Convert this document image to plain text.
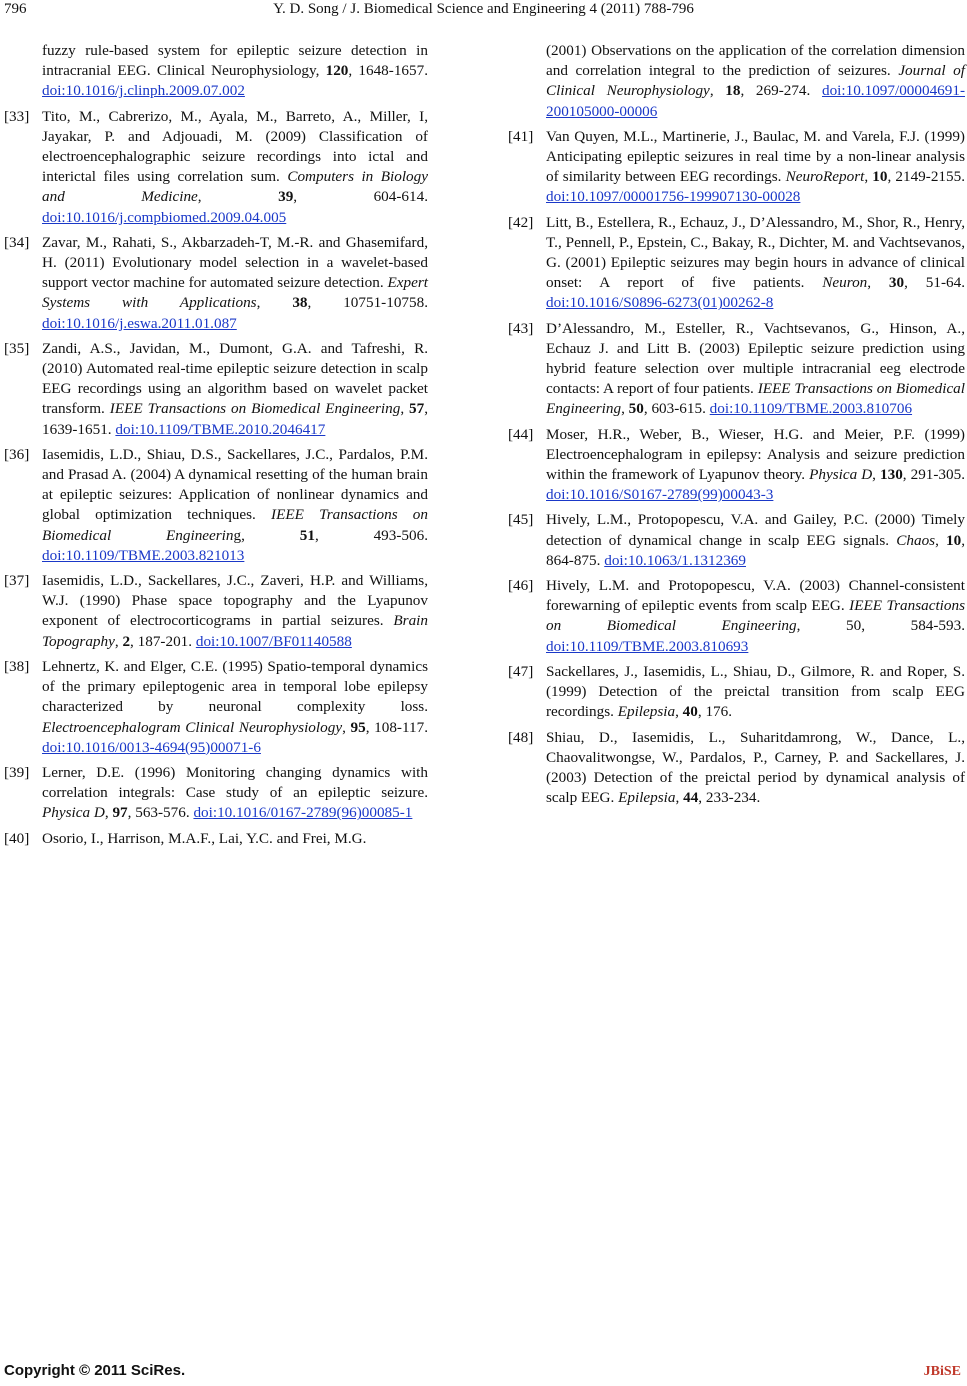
796	Y. D. Song / J. Biomedical Science and Engineering 4 (2011) 788-796
fuzzy rule-based system for epileptic seizure detection in intracranial EEG. Clinical Neurophysiology, 120, 1648-1657. doi:10.1016/j.clinph.2009.07.002
[33] Tito, M., Cabrerizo, M., Ayala, M., Barreto, A., Miller, I, Jayakar, P. and Adjouadi, M. (2009) Classification of electroencephalographic seizure recordings into ictal and interictal files using correlation sum. Computers in Biology and Medicine, 39, 604-614. doi:10.1016/j.compbiomed.2009.04.005
[34] Zavar, M., Rahati, S., Akbarzadeh-T, M.-R. and Ghasemifard, H. (2011) Evolutionary model selection in a wavelet-based support vector machine for automated seizure detection. Expert Systems with Applications, 38, 10751-10758. doi:10.1016/j.eswa.2011.01.087
[35] Zandi, A.S., Javidan, M., Dumont, G.A. and Tafreshi, R. (2010) Automated real-time epileptic seizure detection in scalp EEG recordings using an algorithm based on wavelet packet transform. IEEE Transactions on Biomedical Engineering, 57, 1639-1651. doi:10.1109/TBME.2010.2046417
[36] Iasemidis, L.D., Shiau, D.S., Sackellares, J.C., Pardalos, P.M. and Prasad A. (2004) A dynamical resetting of the human brain at epileptic seizures: Application of nonlinear dynamics and global optimization techniques. IEEE Transactions on Biomedical Engineering, 51, 493-506. doi:10.1109/TBME.2003.821013
[37] Iasemidis, L.D., Sackellares, J.C., Zaveri, H.P. and Williams, W.J. (1990) Phase space topography and the Lyapunov exponent of electrocorticograms in partial seizures. Brain Topography, 2, 187-201. doi:10.1007/BF01140588
[38] Lehnertz, K. and Elger, C.E. (1995) Spatio-temporal dynamics of the primary epileptogenic area in temporal lobe epilepsy characterized by neuronal complexity loss. Electroencephalogram Clinical Neurophysiology, 95, 108-117. doi:10.1016/0013-4694(95)00071-6
[39] Lerner, D.E. (1996) Monitoring changing dynamics with correlation integrals: Case study of an epileptic seizure. Physica D, 97, 563-576. doi:10.1016/0167-2789(96)00085-1
[40] Osorio, I., Harrison, M.A.F., Lai, Y.C. and Frei, M.G.
(2001) Observations on the application of the correlation dimension and correlation integral to the prediction of seizures. Journal of Clinical Neurophysiology, 18, 269-274. doi:10.1097/00004691-200105000-00006
[41] Van Quyen, M.L., Martinerie, J., Baulac, M. and Varela, F.J. (1999) Anticipating epileptic seizures in real time by a non-linear analysis of similarity between EEG recordings. NeuroReport, 10, 2149-2155. doi:10.1097/00001756-199907130-00028
[42] Litt, B., Estellera, R., Echauz, J., D’Alessandro, M., Shor, R., Henry, T., Pennell, P., Epstein, C., Bakay, R., Dichter, M. and Vachtsevanos, G. (2001) Epileptic seizures may begin hours in advance of clinical onset: A report of five patients. Neuron, 30, 51-64. doi:10.1016/S0896-6273(01)00262-8
[43] D’Alessandro, M., Esteller, R., Vachtsevanos, G., Hinson, A., Echauz J. and Litt B. (2003) Epileptic seizure prediction using hybrid feature selection over multiple intracranial eeg electrode contacts: A report of four patients. IEEE Transactions on Biomedical Engineering, 50, 603-615. doi:10.1109/TBME.2003.810706
[44] Moser, H.R., Weber, B., Wieser, H.G. and Meier, P.F. (1999) Electroencephalogram in epilepsy: Analysis and seizure prediction within the framework of Lyapunov theory. Physica D, 130, 291-305. doi:10.1016/S0167-2789(99)00043-3
[45] Hively, L.M., Protopopescu, V.A. and Gailey, P.C. (2000) Timely detection of dynamical change in scalp EEG signals. Chaos, 10, 864-875. doi:10.1063/1.1312369
[46] Hively, L.M. and Protopopescu, V.A. (2003) Channel-consistent forewarning of epileptic events from scalp EEG. IEEE Transactions on Biomedical Engineering, 50, 584-593. doi:10.1109/TBME.2003.810693
[47] Sackellares, J., Iasemidis, L., Shiau, D., Gilmore, R. and Roper, S. (1999) Detection of the preictal transition from scalp EEG recordings. Epilepsia, 40, 176.
[48] Shiau, D., Iasemidis, L., Suharitdamrong, W., Dance, L., Chaovalitwongse, W., Pardalos, P., Carney, P. and Sackellares, J. (2003) Detection of the preictal period by dynamical analysis of scalp EEG. Epilepsia, 44, 233-234.
Copyright © 2011 SciRes.	JBiSE
